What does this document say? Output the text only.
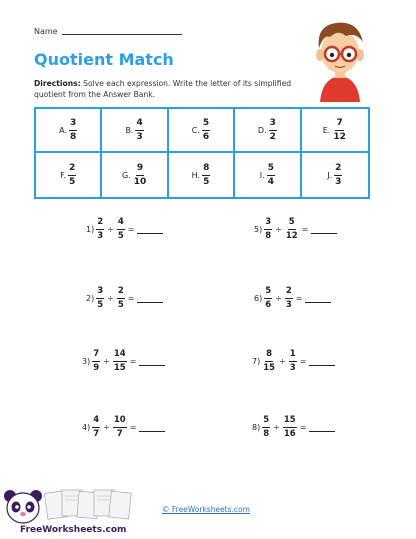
Name
Quotient Match
Directions: Solve each expression. Write the letter of its simplified quotient from the Answer Bank.
A. $\frac{3}{8}$	B. $\frac{4}{3}$	C. $\frac{5}{6}$	D. $\frac{3}{2}$	E. $\frac{7}{12}$
F. $\frac{2}{5}$	G. $\frac{9}{10}$	H. $\frac{8}{5}$	I. $\frac{5}{4}$	J. $\frac{2}{3}$
$1) \frac{2}{3} \div \frac{4}{5}$ =
$2) \frac{3}{5} \div \frac{2}{5}$ =
$3) \frac{7}{9} \div \frac{14}{15}$ =
$4) \frac{4}{7} \div \frac{10}{7}$ =
$5) \frac{3}{8} \div \frac{5}{12}$ =
$6) \frac{5}{6} \div \frac{2}{3}$ =
$7) \frac{8}{15} \div \frac{1}{3}$ =
$8) \frac{5}{8} \div \frac{15}{16}$ =
FreeWorksheets.com
© FreeWorksheets.com
